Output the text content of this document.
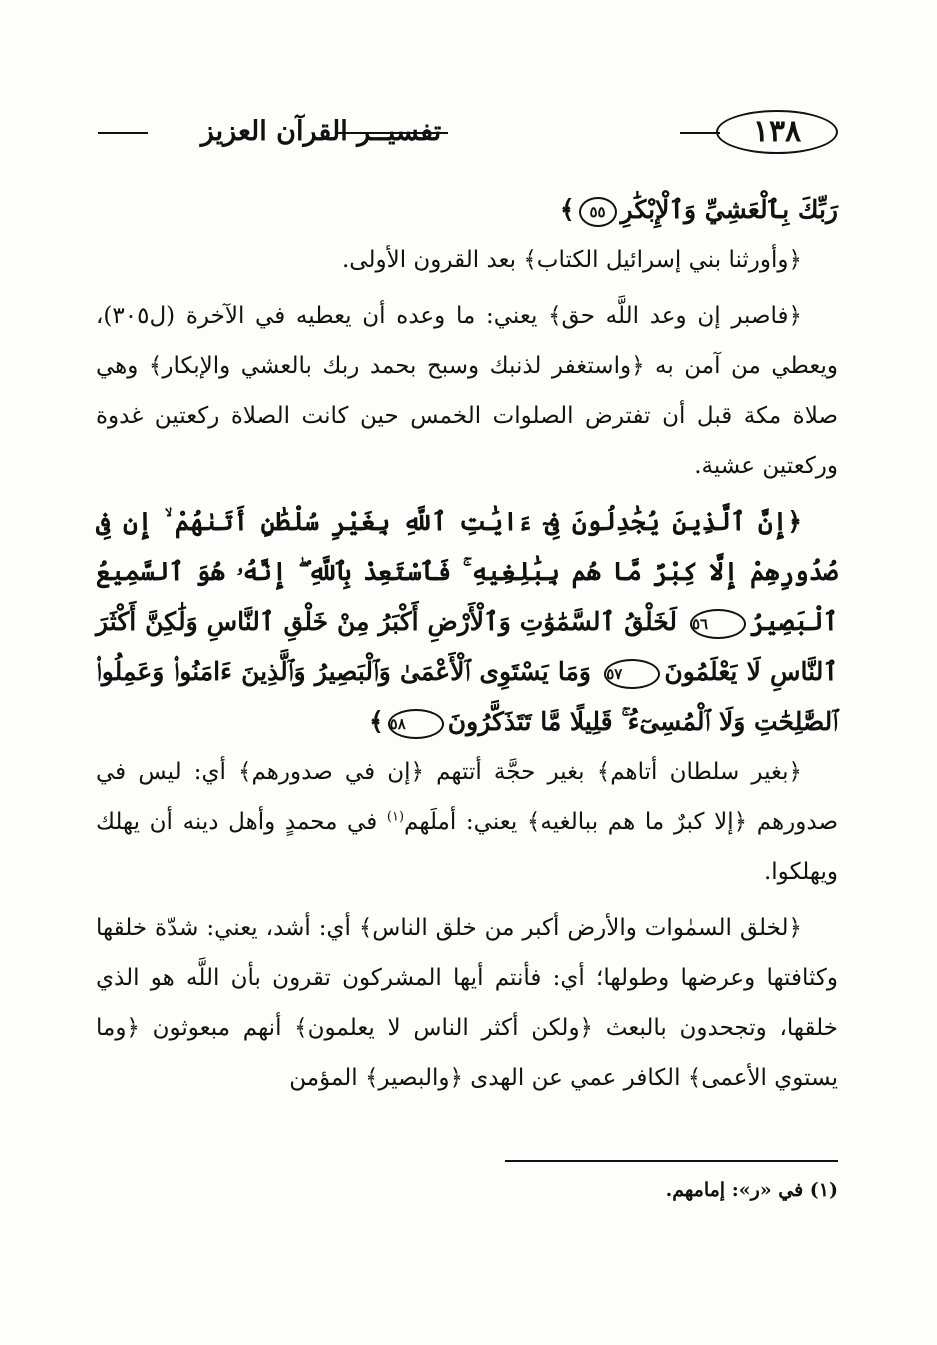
١٣٨
تفسيــر القرآن العزيز

رَبِّكَ بِٱلْعَشِيِّ وَٱلْإِبْكَٰرِ٥٥﴾

﴿وأورثنا بني إسرائيل الكتاب﴾ بعد القرون الأولى.

﴿فاصبر إن وعد اللَّه حق﴾ يعني: ما وعده أن يعطيه في الآخرة (ل٣٠٥)، ويعطي من آمن به ﴿واستغفر لذنبك وسبح بحمد ربك بالعشي والإبكار﴾ وهي صلاة مكة قبل أن تفترض الصلوات الخمس حين كانت الصلاة ركعتين غدوة وركعتين عشية.

﴿إِنَّ ٱلَّذِينَ يُجَٰدِلُونَ فِىٓ ءَايَٰتِ ٱللَّهِ بِغَيْرِ سُلْطَٰنٍ أَتَىٰهُمْ ۙ إِن فِى صُدُورِهِمْ إِلَّا كِبْرٌ مَّا هُم بِبَٰلِغِيهِ ۚ فَٱسْتَعِذْ بِٱللَّهِ ۖ إِنَّهُۥ هُوَ ٱلسَّمِيعُ ٱلْبَصِيرُ٥٦ لَخَلْقُ ٱلسَّمَٰوَٰتِ وَٱلْأَرْضِ أَكْبَرُ مِنْ خَلْقِ ٱلنَّاسِ وَلَٰكِنَّ أَكْثَرَ ٱلنَّاسِ لَا يَعْلَمُونَ٥٧ وَمَا يَسْتَوِى ٱلْأَعْمَىٰ وَٱلْبَصِيرُ وَٱلَّذِينَ ءَامَنُوا۟ وَعَمِلُوا۟ ٱلصَّٰلِحَٰتِ وَلَا ٱلْمُسِىٓءُ ۚ قَلِيلًا مَّا تَتَذَكَّرُونَ٥٨﴾

﴿بغير سلطان أتاهم﴾ بغير حجَّة أتتهم ﴿إن في صدورهم﴾ أي: ليس في صدورهم ﴿إلا كبرٌ ما هم ببالغيه﴾ يعني: أملَهم$^{(١)}$ في محمدٍ وأهل دينه أن يهلك ويهلكوا.

﴿لخلق السمٰوات والأرض أكبر من خلق الناس﴾ أي: أشد، يعني: شدّة خلقها وكثافتها وعرضها وطولها؛ أي: فأنتم أيها المشركون تقرون بأن اللَّه هو الذي خلقها، وتجحدون بالبعث ﴿ولكن أكثر الناس لا يعلمون﴾ أنهم مبعوثون ﴿وما يستوي الأعمى﴾ الكافر عمي عن الهدى ﴿والبصير﴾ المؤمن

(١) في «ر»: إمامهم.
